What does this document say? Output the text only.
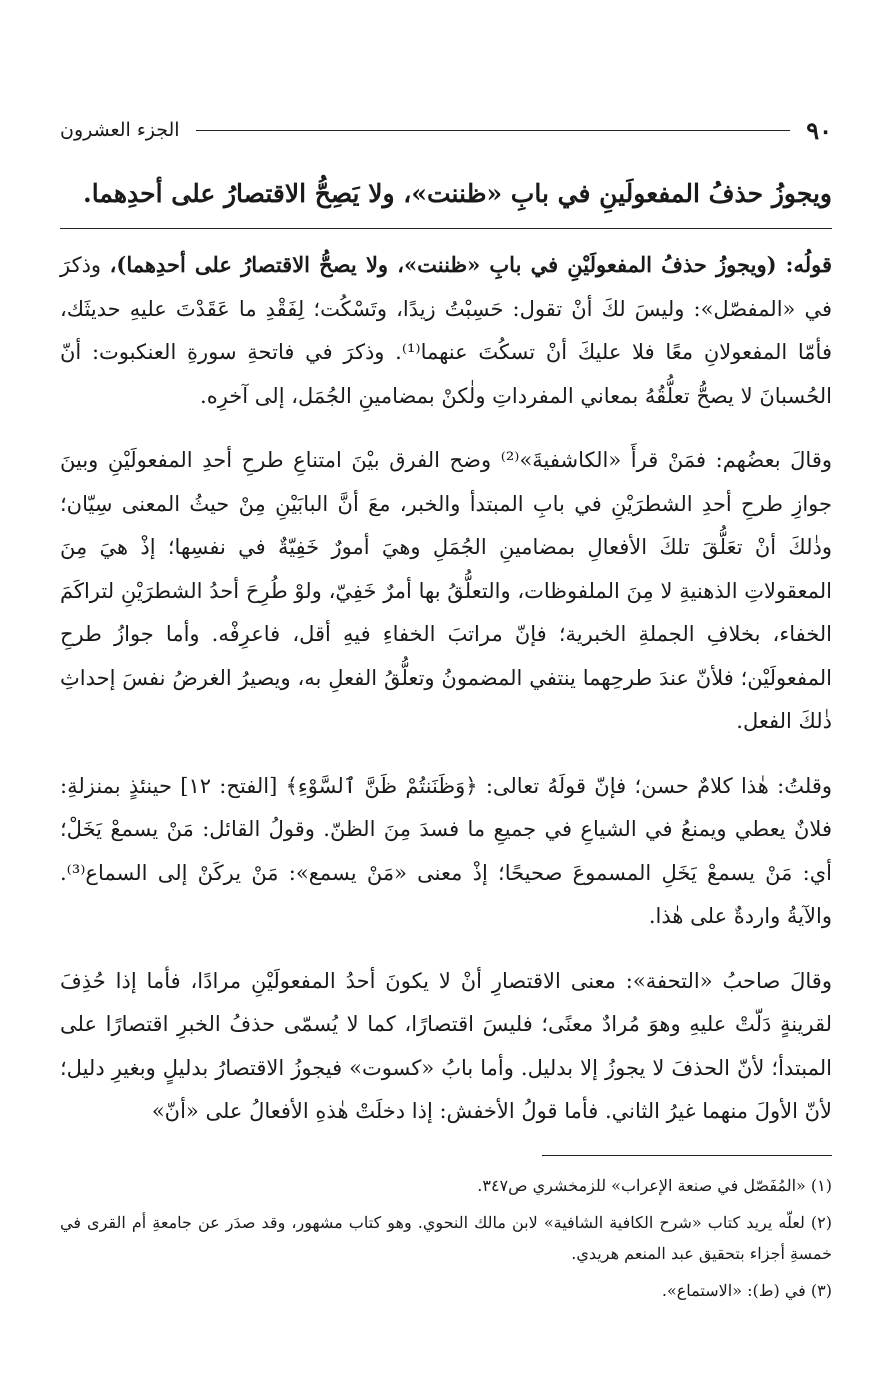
٩٠
الجزء العشرون
ويجوزُ حذفُ المفعولَينِ في بابِ «ظننت»، ولا يَصِحُّ الاقتصارُ على أحدِهما.

قولُه: (ويجوزُ حذفُ المفعولَيْنِ في بابِ «ظننت»، ولا يصحُّ الاقتصارُ على أحدِهما)، وذكرَ في «المفصّل»: وليسَ لكَ أنْ تقول: حَسِبْتُ زيدًا، وتَسْكُت؛ لِفَقْدِ ما عَقَدْتَ عليهِ حديثَك، فأمّا المفعولانِ معًا فلا عليكَ أنْ تسكُتَ عنهما⁽¹⁾. وذكرَ في فاتحةِ سورةِ العنكبوت: أنّ الحُسبانَ لا يصحُّ تعلُّقُهُ بمعاني المفرداتِ ولٰكنْ بمضامينِ الجُمَل، إلى آخرِه.

وقالَ بعضُهم: فمَنْ قرأَ «الكاشفيةَ»⁽²⁾ وضح الفرق بيْنَ امتناعِ طرحِ أحدِ المفعولَيْنِ وبينَ جوازِ طرحِ أحدِ الشطرَيْنِ في بابِ المبتدأ والخبر، معَ أنَّ البابَيْنِ مِنْ حيثُ المعنى سِيّان؛ وذٰلكَ أنْ تعَلُّقَ تلكَ الأفعالِ بمضامينِ الجُمَلِ وهيَ أمورٌ خَفِيّةٌ في نفسِها؛ إذْ هيَ مِنَ المعقولاتِ الذهنيةِ لا مِنَ الملفوظات، والتعلُّقُ بها أمرٌ خَفِيّ، ولوْ طُرِحَ أحدُ الشطرَيْنِ لتراكَمَ الخفاء، بخلافِ الجملةِ الخبرية؛ فإنّ مراتبَ الخفاءِ فيهِ أقل، فاعرِفْه. وأما جوازُ طرحِ المفعولَيْن؛ فلأنّ عندَ طرحِهما ينتفي المضمونُ وتعلُّقُ الفعلِ به، ويصيرُ الغرضُ نفسَ إحداثِ ذٰلكَ الفعل.

وقلتُ: هٰذا كلامٌ حسن؛ فإنّ قولَهُ تعالى: ﴿وَظَنَنتُمْ ظَنَّ ٱلسَّوْءِ﴾ [الفتح: ١٢] حينئذٍ بمنزلةِ: فلانٌ يعطي ويمنعُ في الشياعِ في جميعِ ما فسدَ مِنَ الظنّ. وقولُ القائل: مَنْ يسمعْ يَخَلْ؛ أي: مَنْ يسمعْ يَخَلِ المسموعَ صحيحًا؛ إذْ معنى «مَنْ يسمع»: مَنْ يركَنْ إلى السماع⁽³⁾. والآيةُ واردةٌ على هٰذا.

وقالَ صاحبُ «التحفة»: معنى الاقتصارِ أنْ لا يكونَ أحدُ المفعولَيْنِ مرادًا، فأما إذا حُذِفَ لقرينةٍ دَلّتْ عليهِ وهوَ مُرادٌ معنًى؛ فليسَ اقتصارًا، كما لا يُسمّى حذفُ الخبرِ اقتصارًا على المبتدأ؛ لأنّ الحذفَ لا يجوزُ إلا بدليل. وأما بابُ «كسوت» فيجوزُ الاقتصارُ بدليلٍ وبغيرِ دليل؛ لأنّ الأولَ منهما غيرُ الثاني. فأما قولُ الأخفش: إذا دخلَتْ هٰذهِ الأفعالُ على «أنّ»

(١) «المُفَصّل في صنعة الإعراب» للزمخشري ص٣٤٧.

(٢) لعلّه يريد كتاب «شرح الكافية الشافية» لابن مالك النحوي. وهو كتاب مشهور، وقد صدَر عن جامعةِ أم القرى في خمسةِ أجزاء بتحقيق عبد المنعم هريدي.

(٣) في (ط): «الاستماع».
